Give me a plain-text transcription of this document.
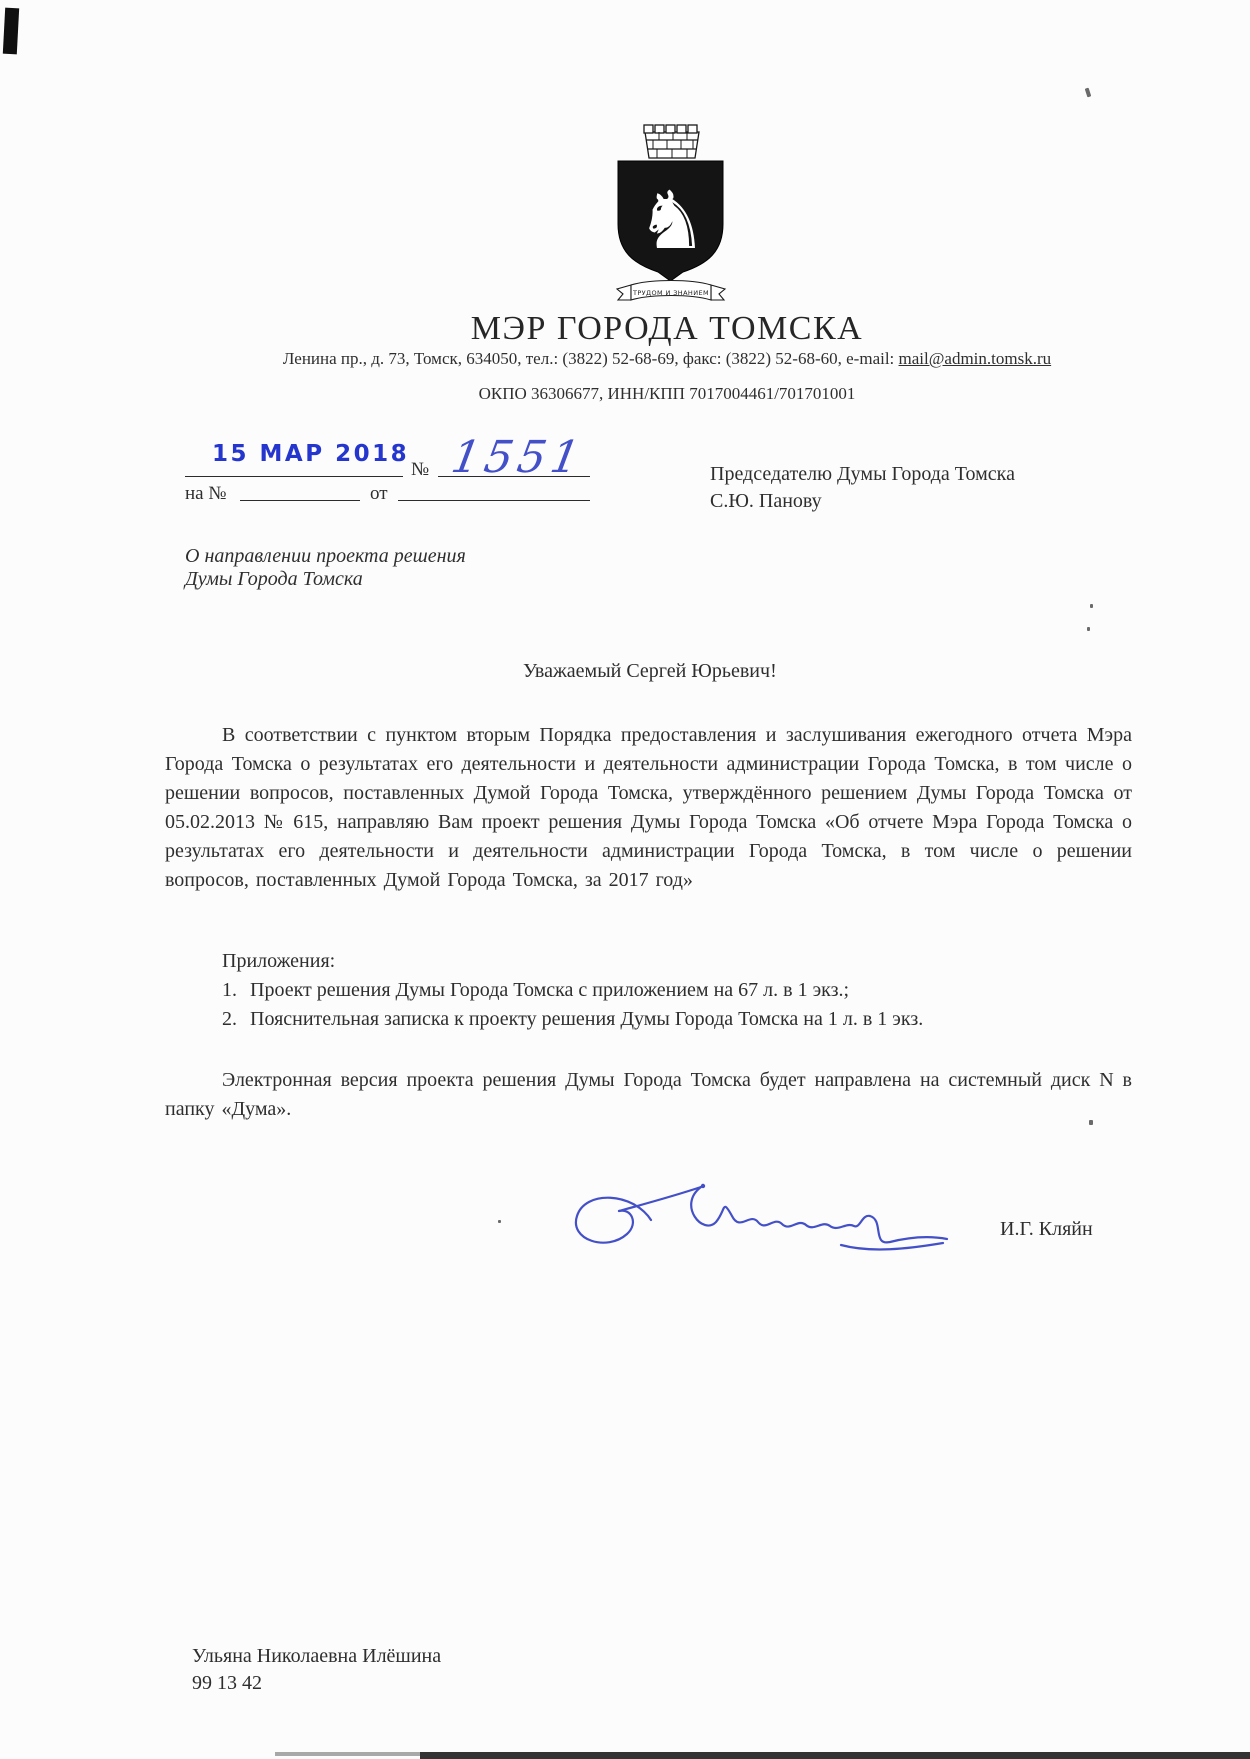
♞
ТРУДОМ И ЗНАНИЕМ
МЭР ГОРОДА ТОМСКА
Ленина пр., д. 73, Томск, 634050, тел.: (3822) 52-68-69, факс: (3822) 52-68-60, e-mail: mail@admin.tomsk.ru
ОКПО 36306677, ИНН/КПП 7017004461/701701001
15 МАР 2018
№ 1551
на №	от
Председателю Думы Города Томска
С.Ю. Панову
О направлении проекта решения
Думы Города Томска
Уважаемый Сергей Юрьевич!
В соответствии с пунктом вторым Порядка предоставления и заслушивания ежегодного отчета Мэра Города Томска о результатах его деятельности и деятельности администрации Города Томска, в том числе о решении вопросов, поставленных Думой Города Томска, утверждённого решением Думы Города Томска от 05.02.2013 № 615, направляю Вам проект решения Думы Города Томска «Об отчете Мэра Города Томска о результатах его деятельности и деятельности администрации Города Томска, в том числе о решении вопросов, поставленных Думой Города Томска, за 2017 год»
Приложения:
1. Проект решения Думы Города Томска с приложением на 67 л. в 1 экз.;
2. Пояснительная записка к проекту решения Думы Города Томска на 1 л. в 1 экз.
Электронная версия проекта решения Думы Города Томска будет направлена на системный диск N в папку «Дума».
И.Г. Кляйн
Ульяна Николаевна Илёшина
99 13 42
